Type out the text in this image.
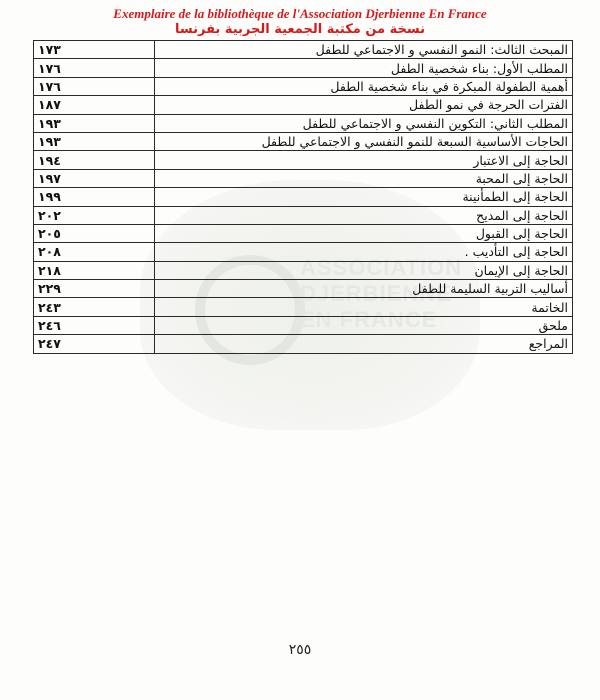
ASSOCIATION
DJERBIENNE
EN FRANCE
Exemplaire de la bibliothèque de l'Association Djerbienne En France
نسخة من مكتبة الجمعية الجربية بفرنسا
١٧٣	المبحث الثالث: النمو النفسي و الاجتماعي للطفل
١٧٦	المطلب الأول: بناء شخصية الطفل
١٧٦	أهمية الطفولة المبكرة في بناء شخصية الطفل
١٨٧	الفترات الحرجة في نمو الطفل
١٩٣	المطلب الثاني: التكوين النفسي و الاجتماعي للطفل
١٩٣	الحاجات الأساسية السبعة للنمو النفسي و الاجتماعي للطفل
١٩٤	الحاجة إلى الاعتبار
١٩٧	الحاجة إلى المحبة
١٩٩	الحاجة إلى الطمأنينة
٢٠٢	الحاجة إلى المديح
٢٠٥	الحاجة إلى القبول
٢٠٨	الحاجة إلى التأديب .
٢١٨	الحاجة إلى الإيمان
٢٢٩	أساليب التربية السليمة للطفل
٢٤٣	الخاتمة
٢٤٦	ملحق
٢٤٧	المراجع
٢٥٥
